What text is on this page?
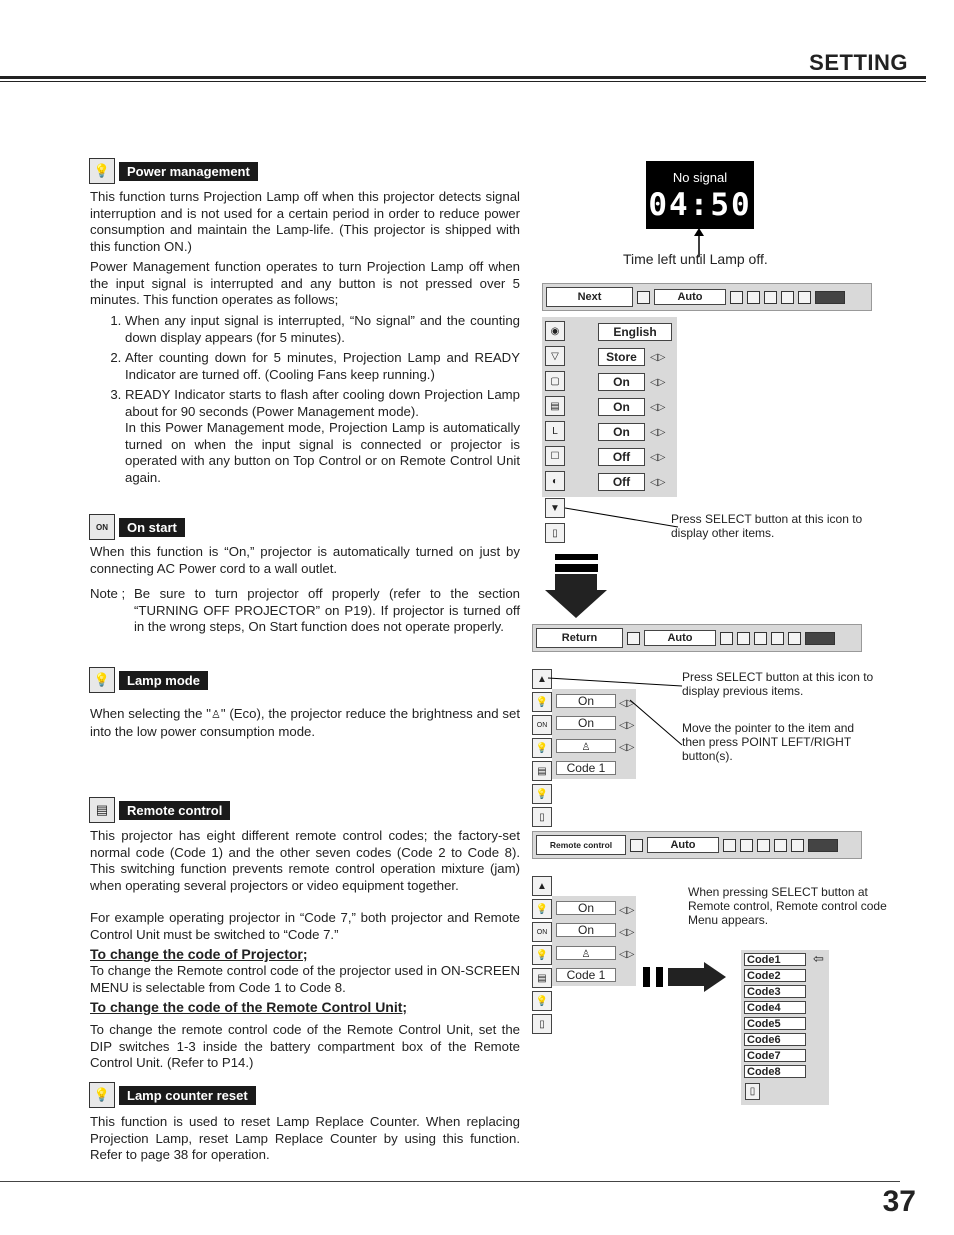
SETTING
💡	Power management
This function turns Projection Lamp off when this projector detects signal interruption and is not used for a certain period in order to reduce power consumption and maintain the Lamp-life. (This projector is shipped with this function ON.)
Power Management function operates to turn Projection Lamp off when the input signal is interrupted and any button is not pressed over 5 minutes. This function operates as follows;
1. When any input signal is interrupted, “No signal” and the counting down display appears (for 5 minutes).
2. After counting down for 5 minutes, Projection Lamp and READY Indicator are turned off. (Cooling Fans keep running.)
3. READY Indicator starts to flash after cooling down Projection Lamp about for 90 seconds (Power Management mode).
In this Power Management mode, Projection Lamp is automatically turned on when the input signal is connected or projector is operated with any button on Top Control or on Remote Control Unit again.
ON	On start
When this function is “On,” projector is automatically turned on just by connecting AC Power cord to a wall outlet.
Note ; Be sure to turn projector off properly (refer to the section “TURNING OFF PROJECTOR” on P19). If projector is turned off in the wrong steps, On Start function does not operate properly.
💡	Lamp mode
When selecting the "♙" (Eco), the projector reduce the brightness and set into the low power consumption mode.
▤	Remote control
This projector has eight different remote control codes; the factory-set normal code (Code 1) and the other seven codes (Code 2 to Code 8). This switching function prevents remote control operation mixture (jam) when operating several projectors or video equipment together.
For example operating projector in “Code 7,” both projector and Remote Control Unit must be switched to “Code 7.”
To change the code of Projector;
To change the Remote control code of the projector used in ON-SCREEN MENU is selectable from Code 1 to Code 8.
To change the code of the Remote Control Unit;
To change the remote control code of the Remote Control Unit, set the DIP switches 1-3 inside the battery compartment box of the Remote Control Unit. (Refer to P14.)
💡	Lamp counter reset
This function is used to reset Lamp Replace Counter. When replacing Projection Lamp, reset Lamp Replace Counter by using this function. Refer to page 38 for operation.
No signal
04:50
Time left until Lamp off.
Next	Auto
◉
▽
▢
▤
L
☐
◐
English
Store
On
On
On
Off
Off
◁▷
◁▷
◁▷
◁▷
◁▷
◁▷
▼
▯
Press SELECT button at this icon to display other items.
Return	Auto
▲
💡
ON
💡
▤
💡
▯
On
On
♙
Code 1
◁▷
◁▷
◁▷
Press SELECT button at this icon to display previous items.
Move the pointer to the item and then press POINT LEFT/RIGHT button(s).
Remote control	Auto
▲
💡
ON
💡
▤
💡
▯
On
On
♙
Code 1
◁▷
◁▷
◁▷
When pressing SELECT button at Remote control, Remote control code Menu appears.
Code1
Code2
Code3
Code4
Code5
Code6
Code7
Code8
▯
⇦
37
